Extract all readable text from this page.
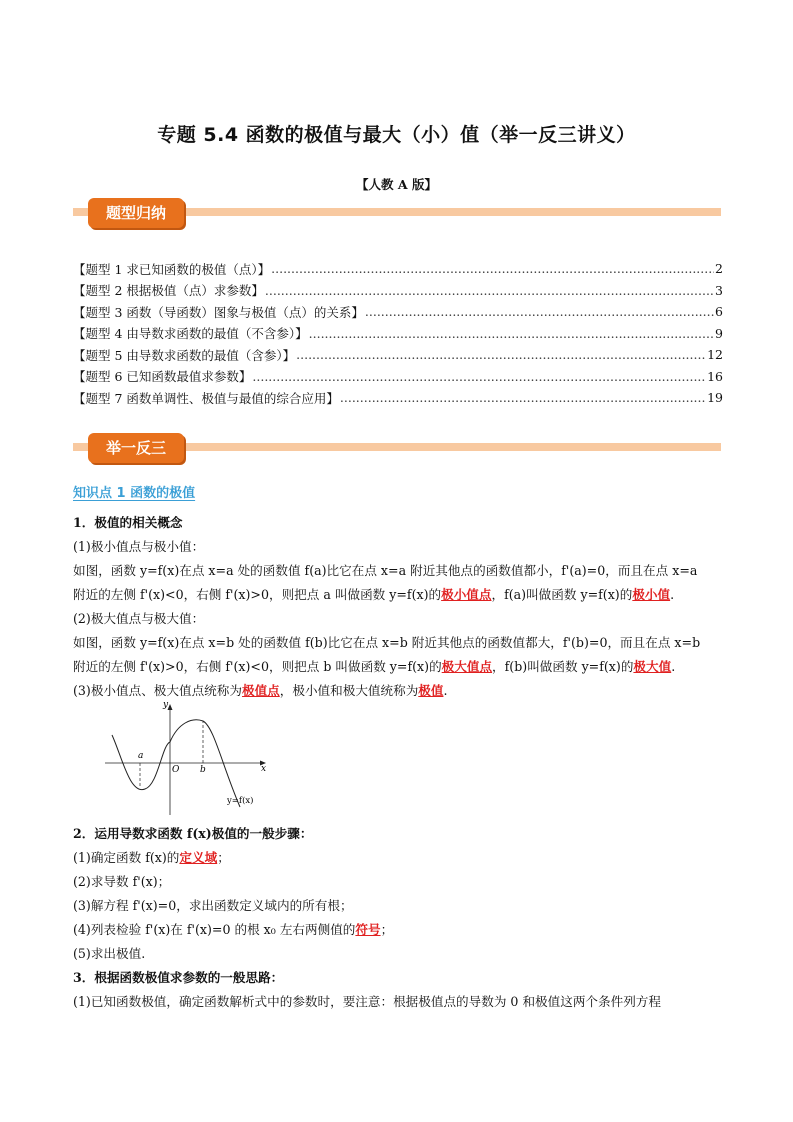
专题 5.4 函数的极值与最大（小）值（举一反三讲义）
【人教 A 版】
题型归纳
【题型 1 求已知函数的极值（点）】 .....	2
【题型 2 根据极值（点）求参数】 .....	3
【题型 3 函数（导函数）图象与极值（点）的关系】 .....	6
【题型 4 由导数求函数的最值（不含参）】 .....	9
【题型 5 由导数求函数的最值（含参）】 .....	12
【题型 6 已知函数最值求参数】 .....	16
【题型 7 函数单调性、极值与最值的综合应用】 .....	19
举一反三
知识点 1 函数的极值
1．极值的相关概念
(1)极小值点与极小值：
如图，函数 y=f(x)在点 x=a 处的函数值 f(a)比它在点 x=a 附近其他点的函数值都小，f'(a)=0，而且在点 x=a
附近的左侧 f'(x)<0，右侧 f'(x)>0，则把点 a 叫做函数 y=f(x)的极小值点，f(a)叫做函数 y=f(x)的极小值.
(2)极大值点与极大值：
如图，函数 y=f(x)在点 x=b 处的函数值 f(b)比它在点 x=b 附近其他点的函数值都大，f'(b)=0，而且在点 x=b
附近的左侧 f'(x)>0，右侧 f'(x)<0，则把点 b 叫做函数 y=f(x)的极大值点，f(b)叫做函数 y=f(x)的极大值.
(3)极小值点、极大值点统称为极值点，极小值和极大值统称为极值.
y
x
a
O b
y=f(x)
2．运用导数求函数 f(x)极值的一般步骤：
(1)确定函数 f(x)的定义域；
(2)求导数 f'(x)；
(3)解方程 f'(x)=0，求出函数定义域内的所有根；
(4)列表检验 f'(x)在 f'(x)=0 的根 x₀ 左右两侧值的符号；
(5)求出极值.
3．根据函数极值求参数的一般思路：
(1)已知函数极值，确定函数解析式中的参数时，要注意：根据极值点的导数为 0 和极值这两个条件列方程
